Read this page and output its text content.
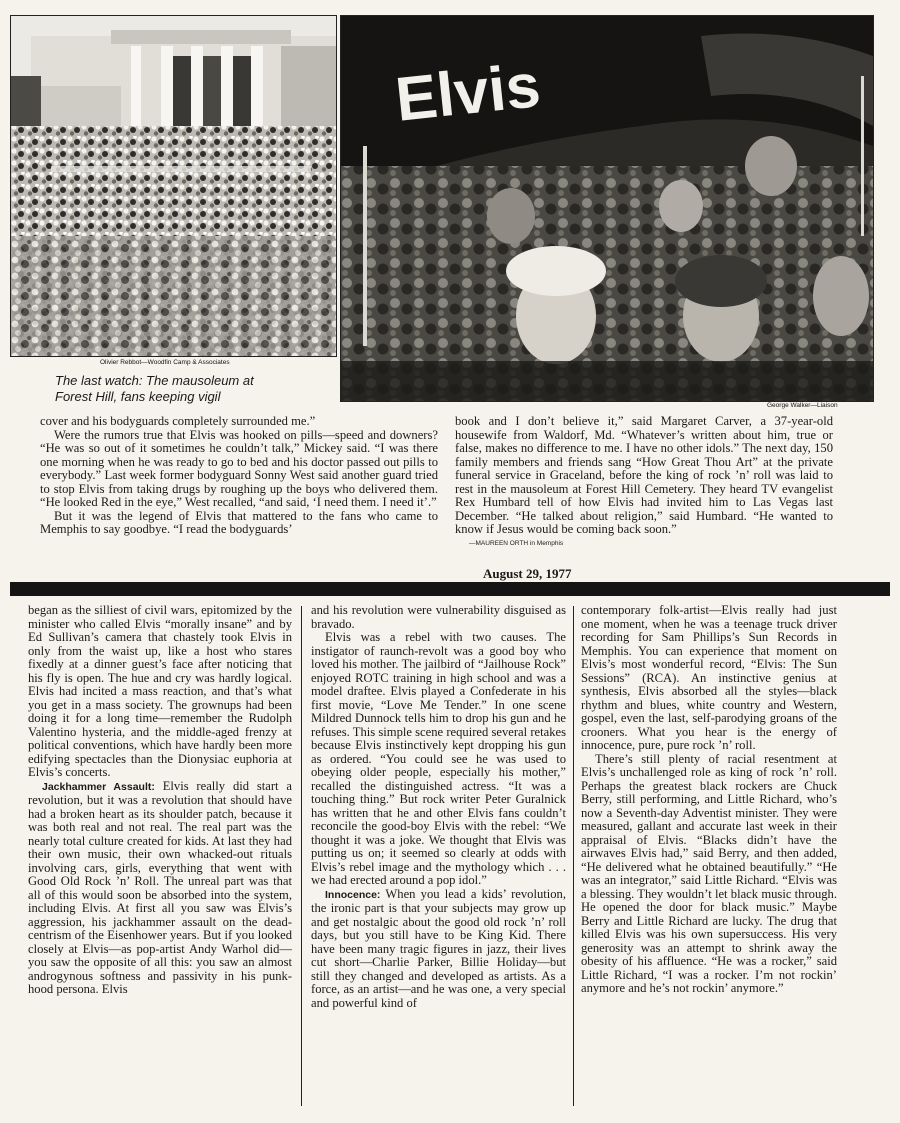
Olivier Rebbot—Woodfin Camp & Associates
The last watch: The mausoleum at
Forest Hill, fans keeping vigil
Elvis
George Walker—Liaison

cover and his bodyguards completely surrounded me.”

Were the rumors true that Elvis was hooked on pills—speed and downers? “He was so out of it sometimes he couldn’t talk,” Mickey said. “I was there one morning when he was ready to go to bed and his doctor passed out pills to everybody.” Last week former bodyguard Sonny West said another guard tried to stop Elvis from taking drugs by roughing up the boys who delivered them. “He looked Red in the eye,” West recalled, “and said, ‘I need them. I need it’.”

But it was the legend of Elvis that mattered to the fans who came to Memphis to say goodbye. “I read the bodyguards’

book and I don’t believe it,” said Margaret Carver, a 37-year-old housewife from Waldorf, Md. “Whatever’s written about him, true or false, makes no difference to me. I have no other idols.” The next day, 150 family members and friends sang “How Great Thou Art” at the private funeral service in Graceland, before the king of rock ’n’ roll was laid to rest in the mausoleum at Forest Hill Cemetery. They heard TV evangelist Rex Humbard tell of how Elvis had invited him to Las Vegas last December. “He talked about religion,” said Humbard. “He wanted to know if Jesus would be coming back soon.”

—MAUREEN ORTH in Memphis

August 29, 1977

began as the silliest of civil wars, epitomized by the minister who called Elvis “morally insane” and by Ed Sullivan’s camera that chastely took Elvis in only from the waist up, like a host who stares fixedly at a dinner guest’s face after noticing that his fly is open. The hue and cry was hardly logical. Elvis had incited a mass reaction, and that’s what you get in a mass society. The grownups had been doing it for a long time—remember the Rudolph Valentino hysteria, and the middle-aged frenzy at political conventions, which have hardly been more edifying spectacles than the Dionysiac euphoria at Elvis’s concerts.

Jackhammer Assault: Elvis really did start a revolution, but it was a revolution that should have had a broken heart as its shoulder patch, because it was both real and not real. The real part was the nearly total culture created for kids. At last they had their own music, their own whacked-out rituals involving cars, girls, everything that went with Good Old Rock ’n’ Roll. The unreal part was that all of this would soon be absorbed into the system, including Elvis. At first all you saw was Elvis’s aggression, his jackhammer assault on the dead-centrism of the Eisenhower years. But if you looked closely at Elvis—as pop-artist Andy Warhol did—you saw the opposite of all this: you saw an almost androgynous softness and passivity in his punk-hood persona. Elvis

and his revolution were vulnerability disguised as bravado.

Elvis was a rebel with two causes. The instigator of raunch-revolt was a good boy who loved his mother. The jailbird of “Jailhouse Rock” enjoyed ROTC training in high school and was a model draftee. Elvis played a Confederate in his first movie, “Love Me Tender.” In one scene Mildred Dunnock tells him to drop his gun and he refuses. This simple scene required several retakes because Elvis instinctively kept dropping his gun as ordered. “You could see he was used to obeying older people, especially his mother,” recalled the distinguished actress. “It was a touching thing.” But rock writer Peter Guralnick has written that he and other Elvis fans couldn’t reconcile the good-boy Elvis with the rebel: “We thought it was a joke. We thought that Elvis was putting us on; it seemed so clearly at odds with Elvis’s rebel image and the mythology which . . . we had erected around a pop idol.”

Innocence: When you lead a kids’ revolution, the ironic part is that your subjects may grow up and get nostalgic about the good old rock ’n’ roll days, but you still have to be King Kid. There have been many tragic figures in jazz, their lives cut short—Charlie Parker, Billie Holiday—but still they changed and developed as artists. As a force, as an artist—and he was one, a very special and powerful kind of

contemporary folk-artist—Elvis really had just one moment, when he was a teenage truck driver recording for Sam Phillips’s Sun Records in Memphis. You can experience that moment on Elvis’s most wonderful record, “Elvis: The Sun Sessions” (RCA). An instinctive genius at synthesis, Elvis absorbed all the styles—black rhythm and blues, white country and Western, gospel, even the last, self-parodying groans of the crooners. What you hear is the energy of innocence, pure, pure rock ’n’ roll.

There’s still plenty of racial resentment at Elvis’s unchallenged role as king of rock ’n’ roll. Perhaps the greatest black rockers are Chuck Berry, still performing, and Little Richard, who’s now a Seventh-day Adventist minister. They were measured, gallant and accurate last week in their appraisal of Elvis. “Blacks didn’t have the airwaves Elvis had,” said Berry, and then added, “He delivered what he obtained beautifully.” “He was an integrator,” said Little Richard. “Elvis was a blessing. They wouldn’t let black music through. He opened the door for black music.” Maybe Berry and Little Richard are lucky. The drug that killed Elvis was his own supersuccess. His very generosity was an attempt to shrink away the obesity of his affluence. “He was a rocker,” said Little Richard, “I was a rocker. I’m not rockin’ anymore and he’s not rockin’ anymore.”
